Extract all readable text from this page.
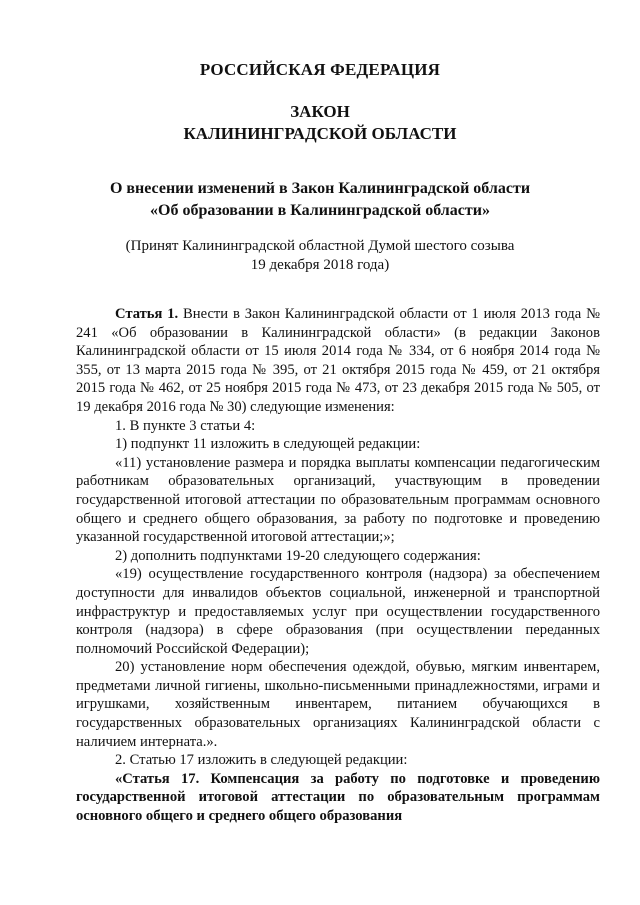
РОССИЙСКАЯ ФЕДЕРАЦИЯ
ЗАКОН
КАЛИНИНГРАДСКОЙ ОБЛАСТИ
О внесении изменений в Закон Калининградской области
«Об образовании в Калининградской области»
(Принят Калининградской областной Думой шестого созыва
19 декабря 2018 года)

Статья 1. Внести в Закон Калининградской области от 1 июля 2013 года № 241 «Об образовании в Калининградской области» (в редакции Законов Калининградской области от 15 июля 2014 года № 334, от 6 ноября 2014 года № 355, от 13 марта 2015 года № 395, от 21 октября 2015 года № 459, от 21 октября 2015 года № 462, от 25 ноября 2015 года № 473, от 23 декабря 2015 года № 505, от 19 декабря 2016 года № 30) следующие изменения:

1. В пункте 3 статьи 4:

1) подпункт 11 изложить в следующей редакции:

«11) установление размера и порядка выплаты компенсации педагогическим работникам образовательных организаций, участвующим в проведении государственной итоговой аттестации по образовательным программам основного общего и среднего общего образования, за работу по подготовке и проведению указанной государственной итоговой аттестации;»;

2) дополнить подпунктами 19-20 следующего содержания:

«19) осуществление государственного контроля (надзора) за обеспечением доступности для инвалидов объектов социальной, инженерной и транспортной инфраструктур и предоставляемых услуг при осуществлении государственного контроля (надзора) в сфере образования (при осуществлении переданных полномочий Российской Федерации);

20) установление норм обеспечения одеждой, обувью, мягким инвентарем, предметами личной гигиены, школьно-письменными принадлежностями, играми и игрушками, хозяйственным инвентарем, питанием обучающихся в государственных образовательных организациях Калининградской области с наличием интерната.».

2. Статью 17 изложить в следующей редакции:

«Статья 17. Компенсация за работу по подготовке и проведению государственной итоговой аттестации по образовательным программам основного общего и среднего общего образования
